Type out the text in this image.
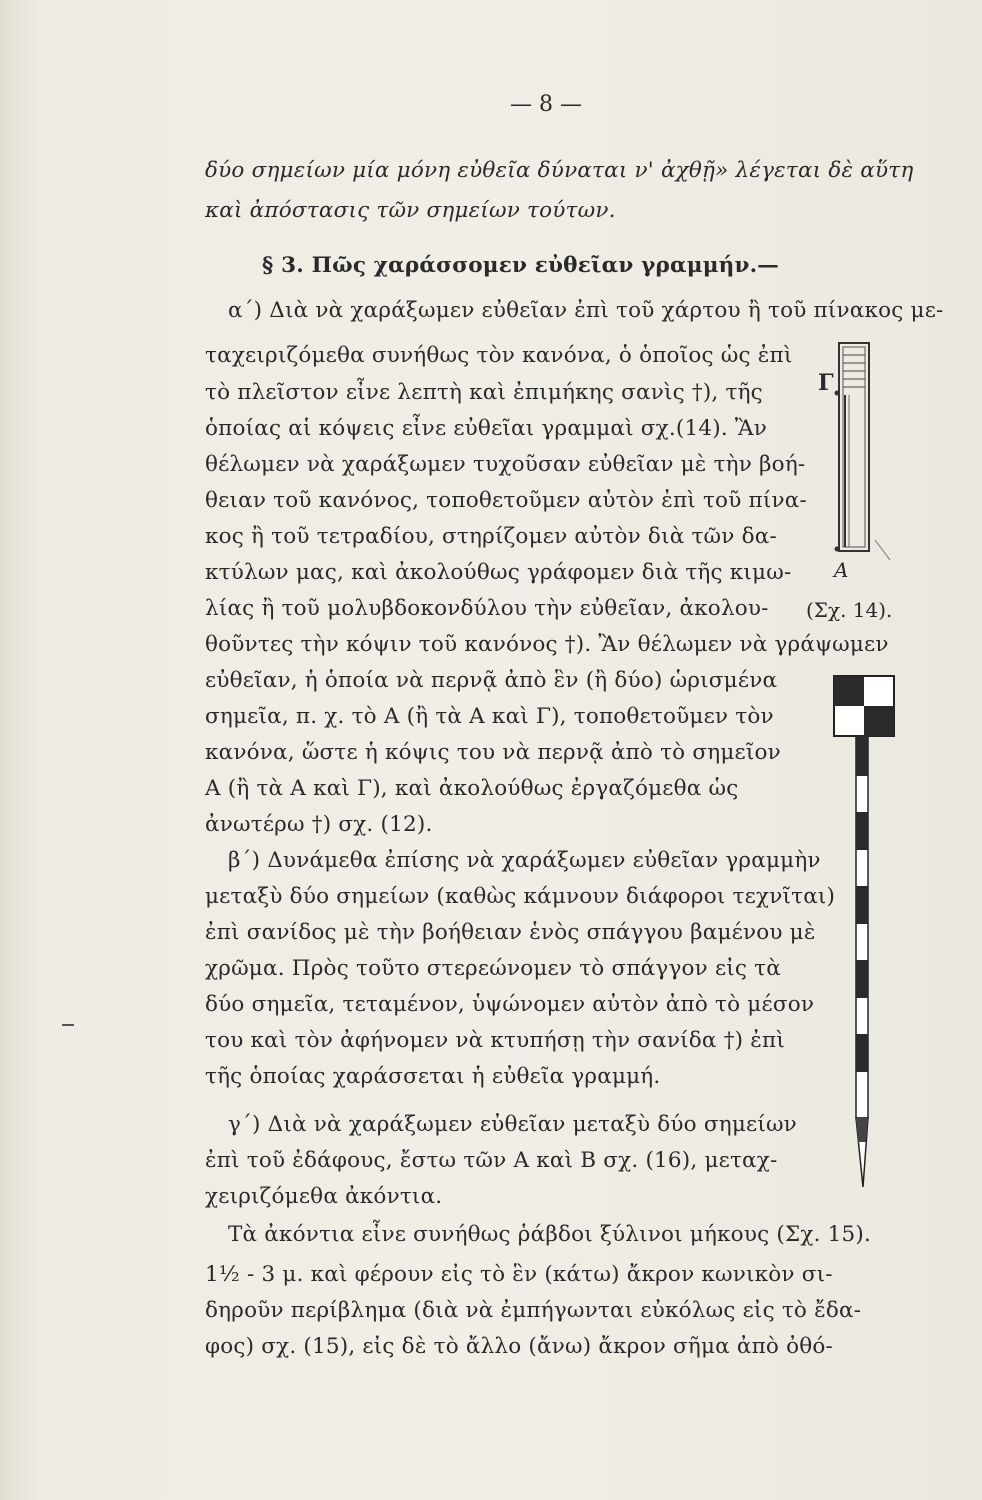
— 8 —
δύο σημείων μία μόνη εὐθεῖα δύναται ν' ἀχθῇ» λέγεται δὲ αὕτη
καὶ ἀπόστασις τῶν σημείων τούτων.
§ 3. Πῶς χαράσσομεν εὐθεῖαν γραμμήν.—
α΄) Διὰ νὰ χαράξωμεν εὐθεῖαν ἐπὶ τοῦ χάρτου ἢ τοῦ πίνακος με-
ταχειριζόμεθα συνήθως τὸν κανόνα, ὁ ὁποῖος ὡς ἐπὶ
τὸ πλεῖστον εἶνε λεπτὴ καὶ ἐπιμήκης σανὶς †), τῆς
ὁποίας αἱ κόψεις εἶνε εὐθεῖαι γραμμαὶ σχ.(14). Ἂν
θέλωμεν νὰ χαράξωμεν τυχοῦσαν εὐθεῖαν μὲ τὴν βοή-
θειαν τοῦ κανόνος, τοποθετοῦμεν αὐτὸν ἐπὶ τοῦ πίνα-
κος ἢ τοῦ τετραδίου, στηρίζομεν αὐτὸν διὰ τῶν δα-
κτύλων μας, καὶ ἀκολούθως γράφομεν διὰ τῆς κιμω-
λίας ἢ τοῦ μολυβδοκονδύλου τὴν εὐθεῖαν, ἀκολου-
θοῦντες τὴν κόψιν τοῦ κανόνος †). Ἂν θέλωμεν νὰ γράψωμεν
εὐθεῖαν, ἡ ὁποία νὰ περνᾷ ἀπὸ ἓν (ἢ δύο) ὡρισμένα
σημεῖα, π. χ. τὸ Α (ἢ τὰ Α καὶ Γ), τοποθετοῦμεν τὸν
κανόνα, ὥστε ἡ κόψις του νὰ περνᾷ ἀπὸ τὸ σημεῖον
Α (ἢ τὰ Α καὶ Γ), καὶ ἀκολούθως ἐργαζόμεθα ὡς
ἀνωτέρω †) σχ. (12).
β΄) Δυνάμεθα ἐπίσης νὰ χαράξωμεν εὐθεῖαν γραμμὴν
μεταξὺ δύο σημείων (καθὼς κάμνουν διάφοροι τεχνῖται)
ἐπὶ σανίδος μὲ τὴν βοήθειαν ἑνὸς σπάγγου βαμένου μὲ
χρῶμα. Πρὸς τοῦτο στερεώνομεν τὸ σπάγγον εἰς τὰ
δύο σημεῖα, τεταμένον, ὑψώνομεν αὐτὸν ἀπὸ τὸ μέσον
του καὶ τὸν ἀφήνομεν νὰ κτυπήσῃ τὴν σανίδα †) ἐπὶ
τῆς ὁποίας χαράσσεται ἡ εὐθεῖα γραμμή.
γ΄) Διὰ νὰ χαράξωμεν εὐθεῖαν μεταξὺ δύο σημείων
ἐπὶ τοῦ ἐδάφους, ἔστω τῶν Α καὶ Β σχ. (16), μεταχ-
χειριζόμεθα ἀκόντια.
Τὰ ἀκόντια εἶνε συνήθως ῥάβδοι ξύλινοι μήκους (Σχ. 15).
1½ - 3 μ. καὶ φέρουν εἰς τὸ ἓν (κάτω) ἄκρον κωνικὸν σι-
δηροῦν περίβλημα (διὰ νὰ ἐμπήγωνται εὐκόλως εἰς τὸ ἔδα-
φος) σχ. (15), εἰς δὲ τὸ ἄλλο (ἄνω) ἄκρον σῆμα ἀπὸ ὀθό-
Γ
Α
(Σχ. 14).
